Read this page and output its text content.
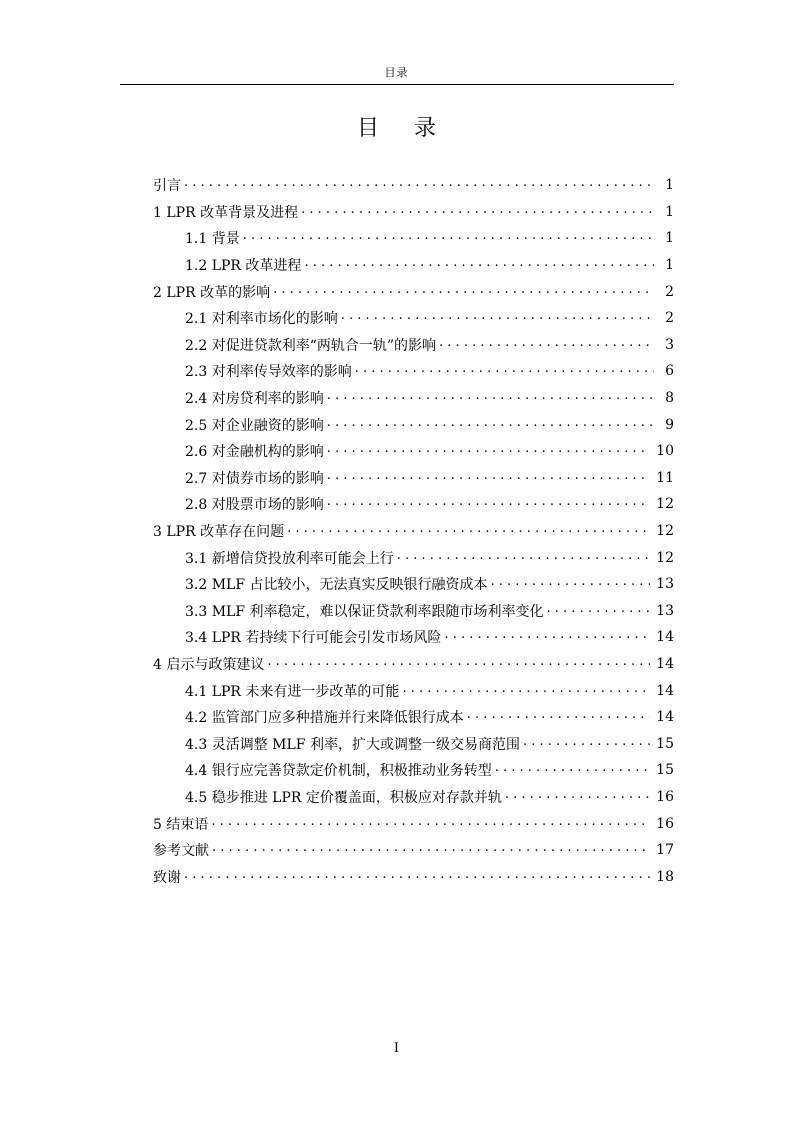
目录
目 录
引言 . . .	1
1 LPR 改革背景及进程 . . .	1
1.1 背景 . . .	1
1.2 LPR 改革进程 . . .	1
2 LPR 改革的影响 . . .	2
2.1 对利率市场化的影响 . . .	2
2.2 对促进贷款利率“两轨合一轨”的影响 . . .	3
2.3 对利率传导效率的影响 . . .	6
2.4 对房贷利率的影响 . . .	8
2.5 对企业融资的影响 . . .	9
2.6 对金融机构的影响 . . .	10
2.7 对债券市场的影响 . . .	11
2.8 对股票市场的影响 . . .	12
3 LPR 改革存在问题 . . .	12
3.1 新增信贷投放利率可能会上行 . . .	12
3.2 MLF 占比较小，无法真实反映银行融资成本 . . .	13
3.3 MLF 利率稳定，难以保证贷款利率跟随市场利率变化 . . .	13
3.4 LPR 若持续下行可能会引发市场风险 . . .	14
4 启示与政策建议 . . .	14
4.1 LPR 未来有进一步改革的可能 . . .	14
4.2 监管部门应多种措施并行来降低银行成本 . . .	14
4.3 灵活调整 MLF 利率，扩大或调整一级交易商范围 . . .	15
4.4 银行应完善贷款定价机制，积极推动业务转型 . . .	15
4.5 稳步推进 LPR 定价覆盖面，积极应对存款并轨 . . .	16
5 结束语 . . .	16
参考文献 . . .	17
致谢 . . .	18
I
